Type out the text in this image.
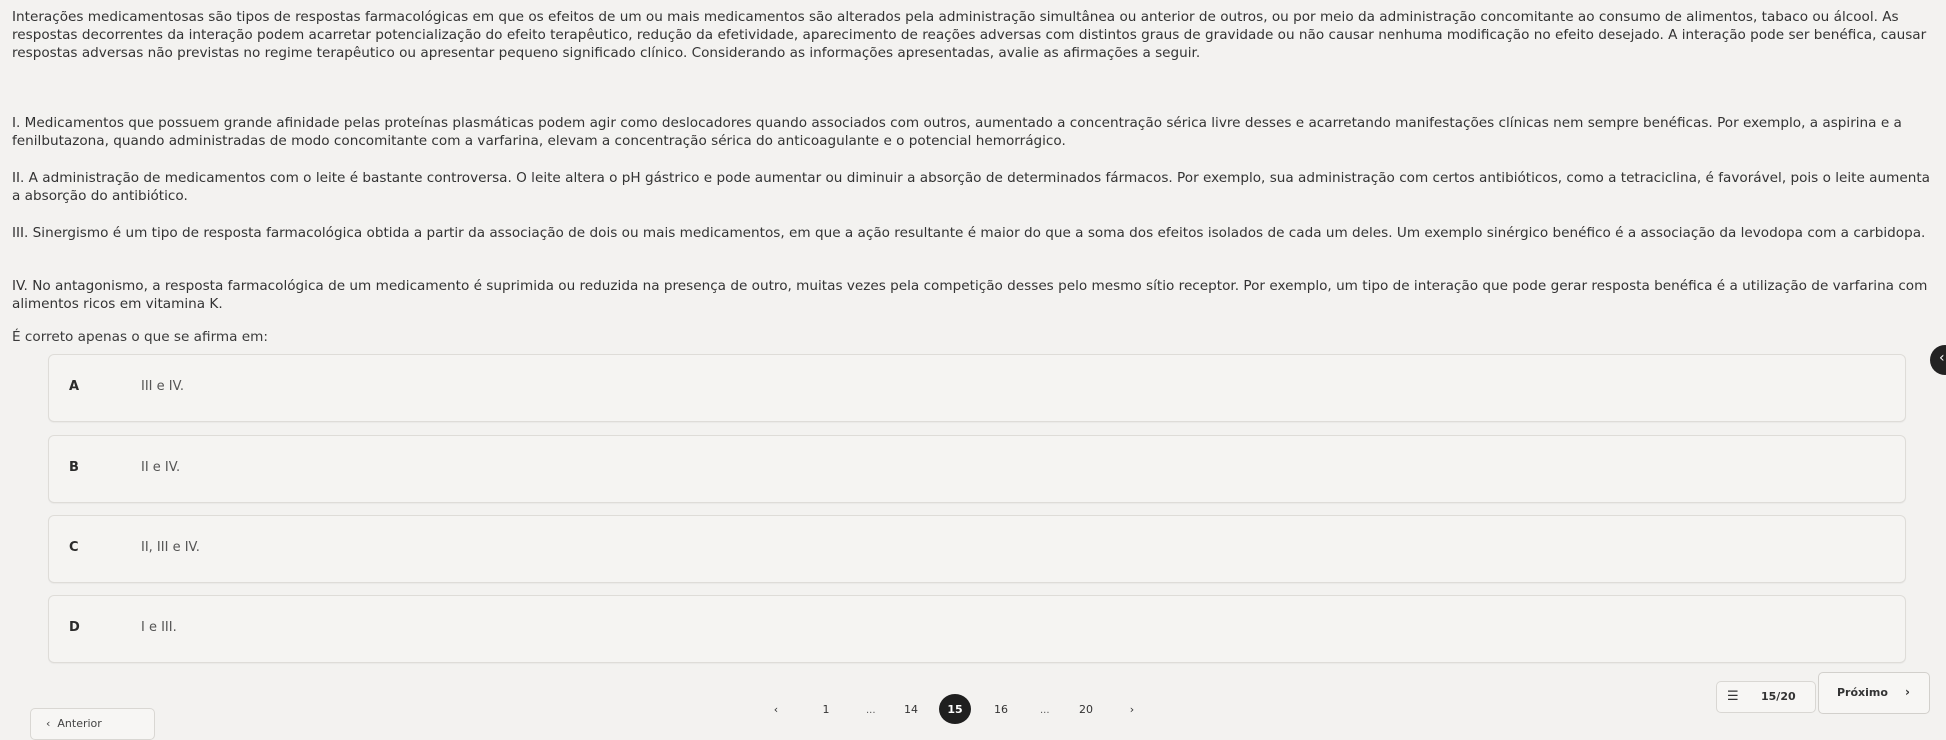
Interações medicamentosas são tipos de respostas farmacológicas em que os efeitos de um ou mais medicamentos são alterados pela administração simultânea ou anterior de outros, ou por meio da administração concomitante ao consumo de alimentos, tabaco ou álcool. As respostas decorrentes da interação podem acarretar potencialização do efeito terapêutico, redução da efetividade, aparecimento de reações adversas com distintos graus de gravidade ou não causar nenhuma modificação no efeito desejado. A interação pode ser benéfica, causar respostas adversas não previstas no regime terapêutico ou apresentar pequeno significado clínico. Considerando as informações apresentadas, avalie as afirmações a seguir.
I. Medicamentos que possuem grande afinidade pelas proteínas plasmáticas podem agir como deslocadores quando associados com outros, aumentado a concentração sérica livre desses e acarretando manifestações clínicas nem sempre benéficas. Por exemplo, a aspirina e a fenilbutazona, quando administradas de modo concomitante com a varfarina, elevam a concentração sérica do anticoagulante e o potencial hemorrágico.
II. A administração de medicamentos com o leite é bastante controversa. O leite altera o pH gástrico e pode aumentar ou diminuir a absorção de determinados fármacos. Por exemplo, sua administração com certos antibióticos, como a tetraciclina, é favorável, pois o leite aumenta a absorção do antibiótico.
III. Sinergismo é um tipo de resposta farmacológica obtida a partir da associação de dois ou mais medicamentos, em que a ação resultante é maior do que a soma dos efeitos isolados de cada um deles. Um exemplo sinérgico benéfico é a associação da levodopa com a carbidopa.
IV. No antagonismo, a resposta farmacológica de um medicamento é suprimida ou reduzida na presença de outro, muitas vezes pela competição desses pelo mesmo sítio receptor. Por exemplo, um tipo de interação que pode gerar resposta benéfica é a utilização de varfarina com alimentos ricos em vitamina K.
É correto apenas o que se afirma em:
A	III e IV.
B	II e IV.
C	II, III e IV.
D	I e III.
‹
‹	1	...	14	15	16	...	20	›
‹ Anterior
☰ 15/20	Próximo ›
